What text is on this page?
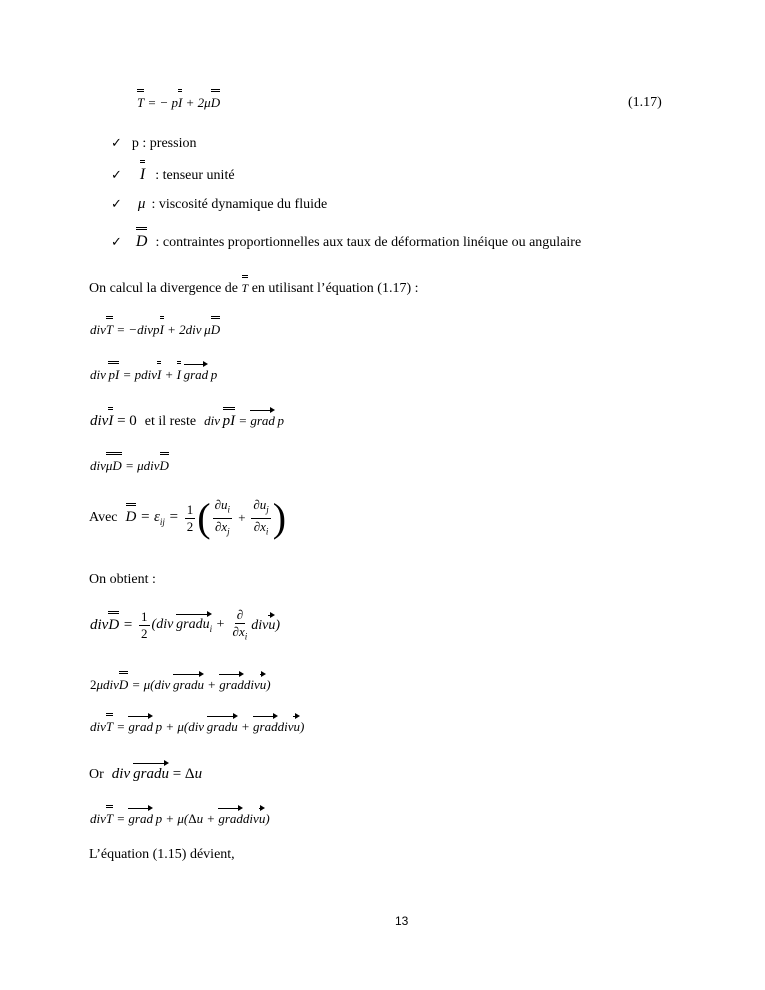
T = − pI + 2μD	(1.17)
✓ p : pression
✓ I : tenseur unité
✓ μ : viscosité dynamique du fluide
✓ D : contraintes proportionnelles aux taux de déformation linéique ou angulaire
On calcul la divergence de T en utilisant l’équation (1.17) :
divT = −divpI + 2div μD
div pI = pdivI + I  grad p
divI = 0 et il reste div pI = grad p
divμD = μdivD
Avec $D = \varepsilon_{ij} = \frac{1}{2}$ ( $\frac{\partial u_i}{\partial x_j} + \frac{\partial u_j}{\partial x_i}$ )
On obtient :
divD = $\frac{1}{2} (div$ gradu$_i$ + $\frac{\partial}{\partial x_i}$ divu)
2μdivD = μ(div gradu + graddivu)
divT = grad p + μ(div gradu + graddivu)
Or div gradu = Δu
divT = grad p + μ(Δu + graddivu)
L’équation (1.15) dévient,
13
